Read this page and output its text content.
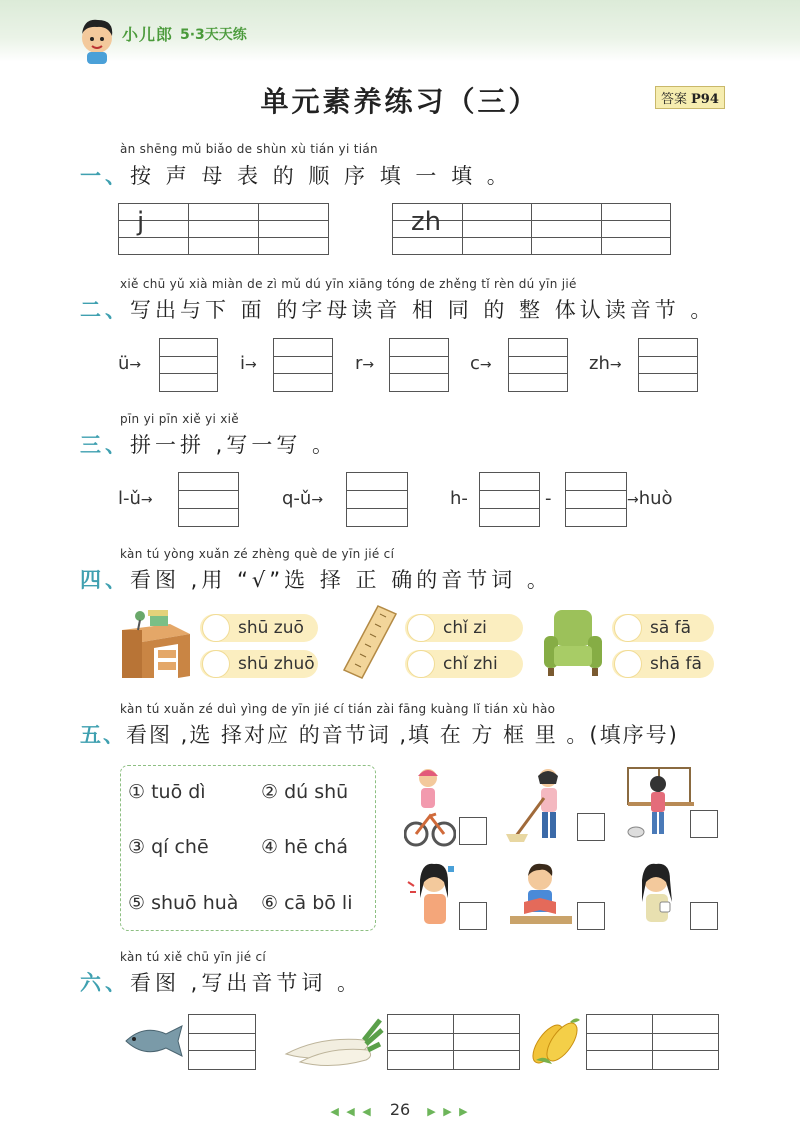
小儿郎 5·3天天练
单元素养练习（三）	答案 P94
àn shēng mǔ biǎo de shùn xù tián yi tián
一、按 声 母 表 的 顺 序 填 一 填 。
j	zh
xiě chū yǔ xià miàn de zì mǔ dú yīn xiāng tóng de zhěng tǐ rèn dú yīn jié
二、写出与下 面 的字母读音 相 同 的 整 体认读音节 。
ü→	i→	r→	c→	zh→
pīn yi pīn xiě yi xiě
三、拼一拼 ,写一写 。
l-ǔ→	q-ǔ→	h-	-	→huò
kàn tú yòng xuǎn zé zhèng què de yīn jié cí
四、看图 ,用 “√”选 择 正 确的音节词 。
shū zuō
shū zhuō
chǐ zi
chǐ zhi
sā fā
shā fā
kàn tú xuǎn zé duì yìng de yīn jié cí tián zài fāng kuàng lǐ tián xù hào
五、看图 ,选 择对应 的音节词 ,填 在 方 框 里 。(填序号)
① tuō dì	② dú shū
③ qí chē	④ hē chá
⑤ shuō huà ⑥ cā bō li
kàn tú xiě chū yīn jié cí
六、看图 ,写出音节词 。
◀ ◀ ◀ 26 ▶ ▶ ▶
